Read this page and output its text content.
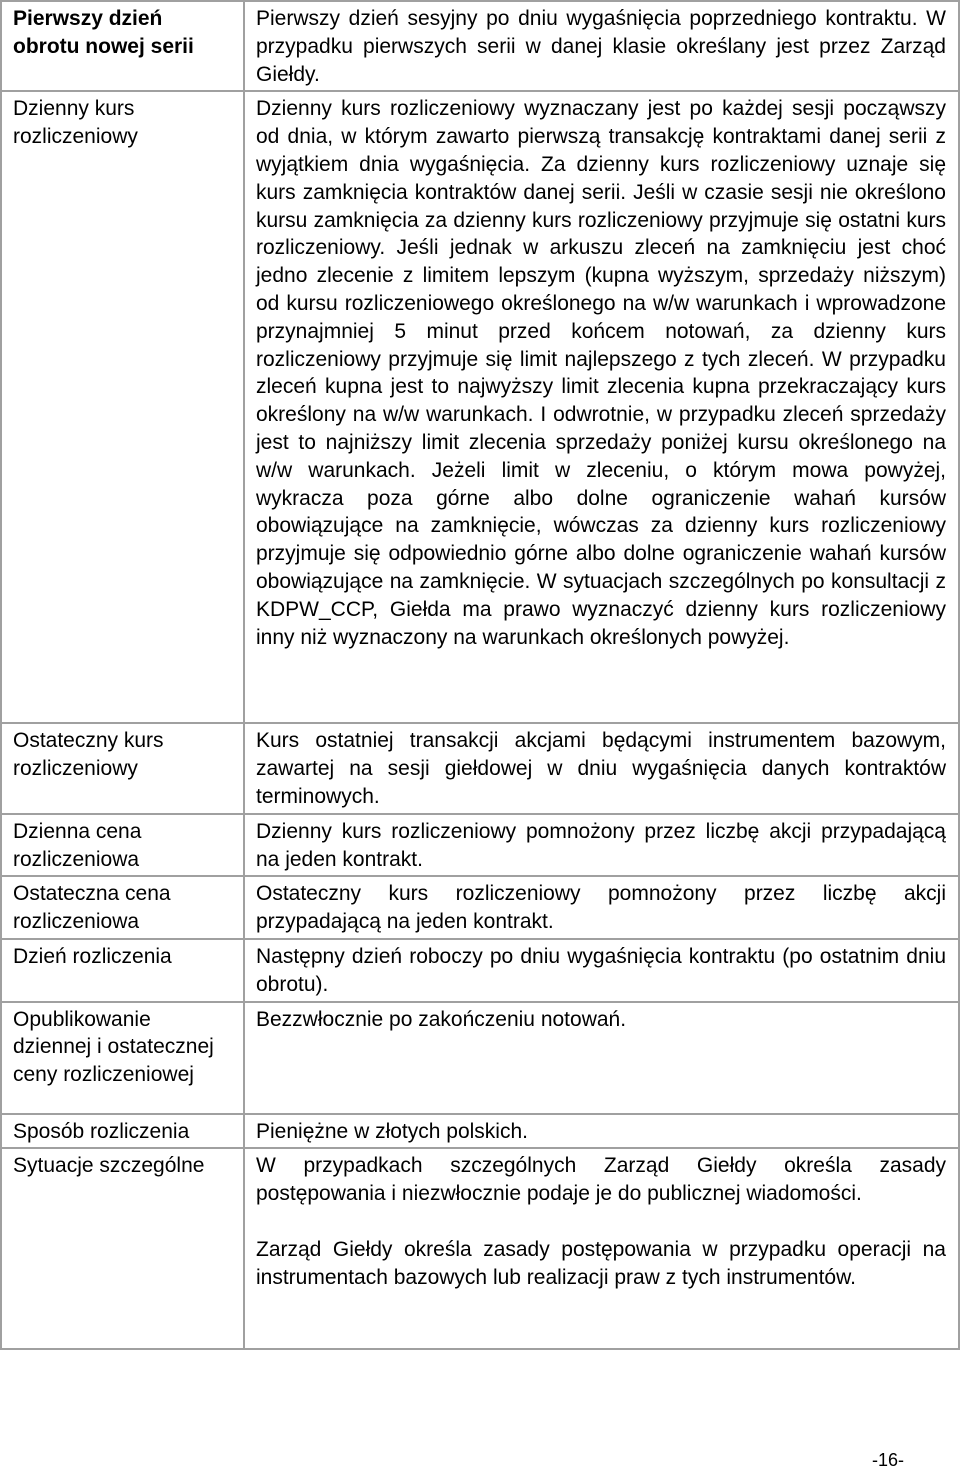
Pierwszy dzień obrotu nowej serii	Pierwszy dzień sesyjny po dniu wygaśnięcia poprzedniego kontraktu. W przypadku pierwszych serii w danej klasie określany jest przez Zarząd Giełdy.

Dzienny kurs rozliczeniowy	Dzienny kurs rozliczeniowy wyznaczany jest po każdej sesji począwszy od dnia, w którym zawarto pierwszą transakcję kontraktami danej serii z wyjątkiem dnia wygaśnięcia. Za dzienny kurs rozliczeniowy uznaje się kurs zamknięcia kontraktów danej serii. Jeśli w czasie sesji nie określono kursu zamknięcia za dzienny kurs rozliczeniowy przyjmuje się ostatni kurs rozliczeniowy. Jeśli jednak w arkuszu zleceń na zamknięciu jest choć jedno zlecenie z limitem lepszym (kupna wyższym, sprzedaży niższym) od kursu rozliczeniowego określonego na w/w warunkach i wprowadzone przynajmniej 5 minut przed końcem notowań, za dzienny kurs rozliczeniowy przyjmuje się limit najlepszego z tych zleceń. W przypadku zleceń kupna jest to najwyższy limit zlecenia kupna przekraczający kurs określony na w/w warunkach. I odwrotnie, w przypadku zleceń sprzedaży jest to najniższy limit zlecenia sprzedaży poniżej kursu określonego na w/w warunkach. Jeżeli limit w zleceniu, o którym mowa powyżej, wykracza poza górne albo dolne ograniczenie wahań kursów obowiązujące na zamknięcie, wówczas za dzienny kurs rozliczeniowy przyjmuje się odpowiednio górne albo dolne ograniczenie wahań kursów obowiązujące na zamknięcie. W sytuacjach szczególnych po konsultacji z KDPW_CCP, Giełda ma prawo wyznaczyć dzienny kurs rozliczeniowy inny niż wyznaczony na warunkach określonych powyżej.

Ostateczny kurs rozliczeniowy	Kurs ostatniej transakcji akcjami będącymi instrumentem bazowym, zawartej na sesji giełdowej w dniu wygaśnięcia danych kontraktów terminowych.

Dzienna cena rozliczeniowa	Dzienny kurs rozliczeniowy pomnożony przez liczbę akcji przypadającą na jeden kontrakt.

Ostateczna cena rozliczeniowa	Ostateczny kurs rozliczeniowy pomnożony przez liczbę akcji przypadającą na jeden kontrakt.

Dzień rozliczenia	Następny dzień roboczy po dniu wygaśnięcia kontraktu (po ostatnim dniu obrotu).

Opublikowanie dziennej i ostatecznej ceny rozliczeniowej	Bezzwłocznie po zakończeniu notowań.

Sposób rozliczenia	Pieniężne w złotych polskich.

Sytuacje szczególne	W przypadkach szczególnych Zarząd Giełdy określa zasady postępowania i niezwłocznie podaje je do publicznej wiadomości.
Zarząd Giełdy określa zasady postępowania w przypadku operacji na instrumentach bazowych lub realizacji praw z tych instrumentów.
-16-
